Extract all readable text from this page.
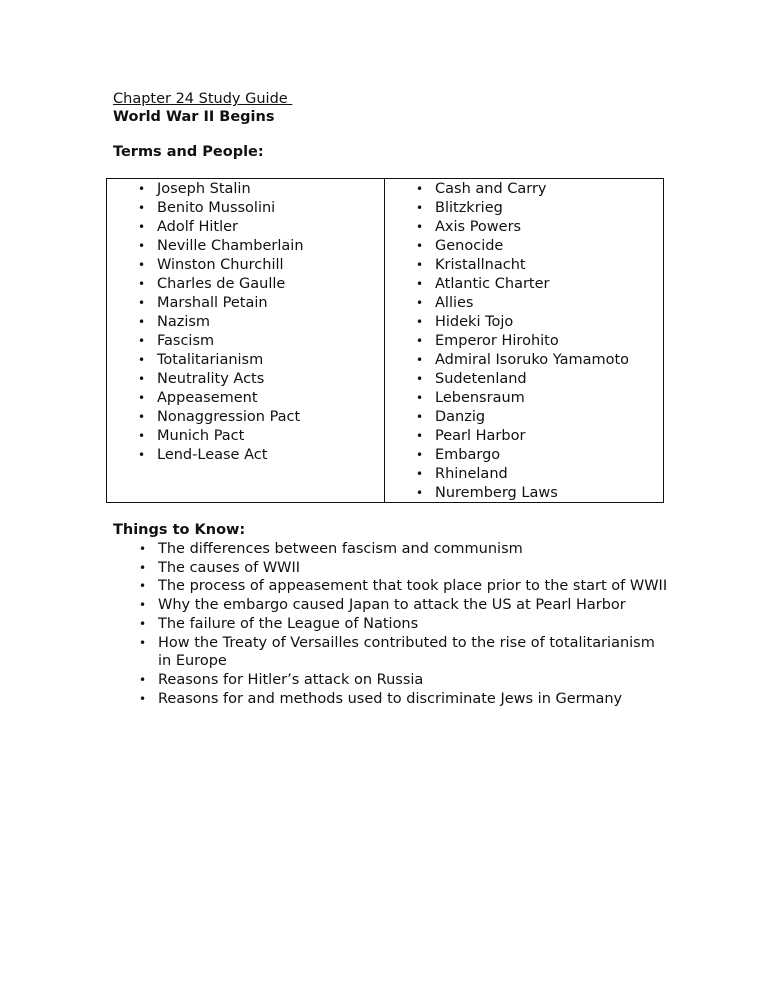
Chapter 24 Study Guide
World War II Begins
Terms and People:
• Joseph Stalin
• Benito Mussolini
• Adolf Hitler
• Neville Chamberlain
• Winston Churchill
• Charles de Gaulle
• Marshall Petain
• Nazism
• Fascism
• Totalitarianism
• Neutrality Acts
• Appeasement
• Nonaggression Pact
• Munich Pact
• Lend-Lease Act
• Cash and Carry
• Blitzkrieg
• Axis Powers
• Genocide
• Kristallnacht
• Atlantic Charter
• Allies
• Hideki Tojo
• Emperor Hirohito
• Admiral Isoruko Yamamoto
• Sudetenland
• Lebensraum
• Danzig
• Pearl Harbor
• Embargo
• Rhineland
• Nuremberg Laws
Things to Know:
• The differences between fascism and communism
• The causes of WWII
• The process of appeasement that took place prior to the start of WWII
• Why the embargo caused Japan to attack the US at Pearl Harbor
• The failure of the League of Nations
• How the Treaty of Versailles contributed to the rise of totalitarianism in Europe
• Reasons for Hitler’s attack on Russia
• Reasons for and methods used to discriminate Jews in Germany
